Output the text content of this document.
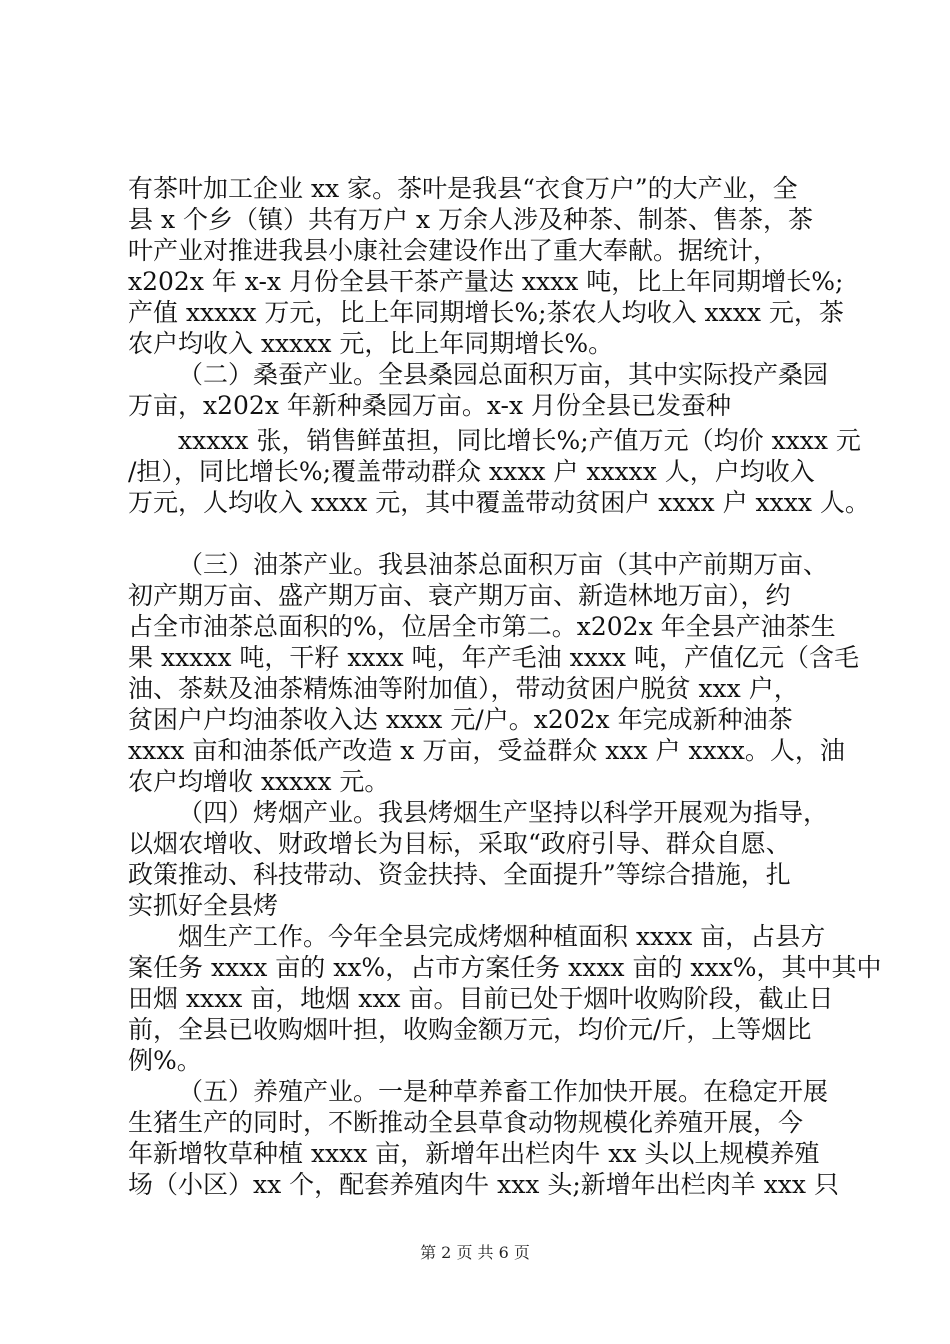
有茶叶加工企业 xx 家。茶叶是我县“衣食万户”的大产业，全
县 x 个乡（镇）共有万户 x 万余人涉及种茶、制茶、售茶，茶
叶产业对推进我县小康社会建设作出了重大奉献。据统计，
x202x 年 x-x 月份全县干茶产量达 xxxx 吨，比上年同期增长%;
产值 xxxxx 万元，比上年同期增长%;茶农人均收入 xxxx 元，茶
农户均收入 xxxxx 元，比上年同期增长%。
（二）桑蚕产业。全县桑园总面积万亩，其中实际投产桑园
万亩，x202x 年新种桑园万亩。x-x 月份全县已发蚕种
xxxxx 张，销售鲜茧担，同比增长%;产值万元（均价 xxxx 元
/担），同比增长%;覆盖带动群众 xxxx 户 xxxxx 人，户均收入
万元，人均收入 xxxx 元，其中覆盖带动贫困户 xxxx 户 xxxx 人。
（三）油茶产业。我县油茶总面积万亩（其中产前期万亩、
初产期万亩、盛产期万亩、衰产期万亩、新造林地万亩），约
占全市油茶总面积的%，位居全市第二。x202x 年全县产油茶生
果 xxxxx 吨，干籽 xxxx 吨，年产毛油 xxxx 吨，产值亿元（含毛
油、茶麸及油茶精炼油等附加值），带动贫困户脱贫 xxx 户，
贫困户户均油茶收入达 xxxx 元/户。x202x 年完成新种油茶
xxxx 亩和油茶低产改造 x 万亩，受益群众 xxx 户 xxxx。人，油
农户均增收 xxxxx 元。
（四）烤烟产业。我县烤烟生产坚持以科学开展观为指导，
以烟农增收、财政增长为目标，采取“政府引导、群众自愿、
政策推动、科技带动、资金扶持、全面提升”等综合措施，扎
实抓好全县烤
烟生产工作。今年全县完成烤烟种植面积 xxxx 亩，占县方
案任务 xxxx 亩的 xx%，占市方案任务 xxxx 亩的 xxx%，其中其中
田烟 xxxx 亩，地烟 xxx 亩。目前已处于烟叶收购阶段，截止日
前，全县已收购烟叶担，收购金额万元，均价元/斤，上等烟比
例%。
（五）养殖产业。一是种草养畜工作加快开展。在稳定开展
生猪生产的同时，不断推动全县草食动物规模化养殖开展，今
年新增牧草种植 xxxx 亩，新增年出栏肉牛 xx 头以上规模养殖
场（小区）xx 个，配套养殖肉牛 xxx 头;新增年出栏肉羊 xxx 只
第 2 页 共 6 页
